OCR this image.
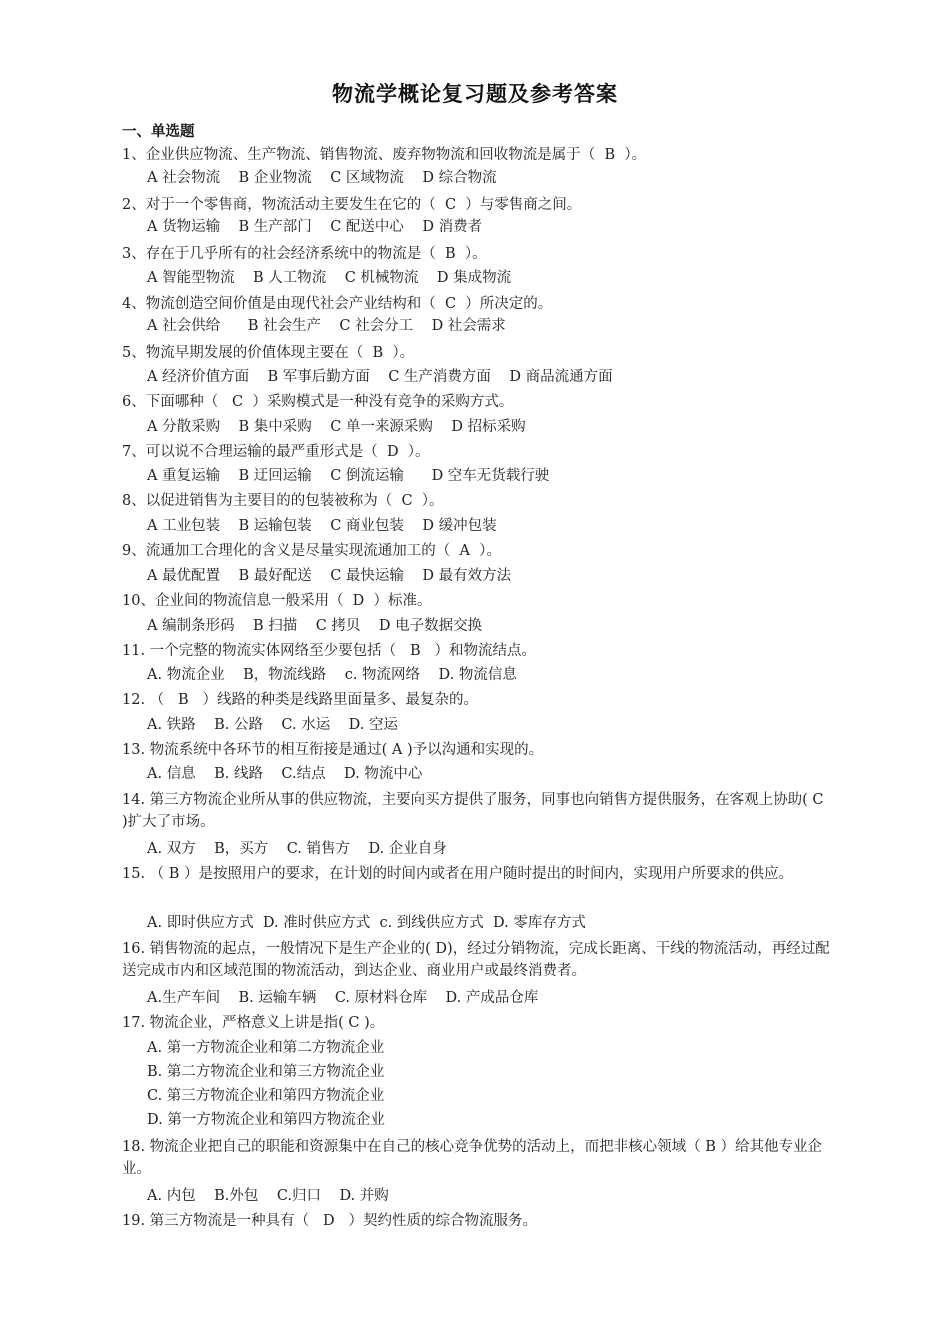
物流学概论复习题及参考答案
一、单选题
1、企业供应物流、生产物流、销售物流、废弃物物流和回收物流是属于（  B  ）。
A 社会物流    B 企业物流    C 区域物流    D 综合物流
2、对于一个零售商，物流活动主要发生在它的（  C  ）与零售商之间。
A 货物运输    B 生产部门    C 配送中心    D 消费者
3、存在于几乎所有的社会经济系统中的物流是（  B  ）。
A 智能型物流    B 人工物流    C 机械物流    D 集成物流
4、物流创造空间价值是由现代社会产业结构和（  C  ）所决定的。
A 社会供给      B 社会生产    C 社会分工    D 社会需求
5、物流早期发展的价值体现主要在（  B  ）。
A 经济价值方面    B 军事后勤方面    C 生产消费方面    D 商品流通方面
6、下面哪种（   C  ）采购模式是一种没有竞争的采购方式。
A 分散采购    B 集中采购    C 单一来源采购    D 招标采购
7、可以说不合理运输的最严重形式是（  D  ）。
A 重复运输    B 迂回运输    C 倒流运输      D 空车无货载行驶
8、以促进销售为主要目的的包装被称为（  C  ）。
A 工业包装    B 运输包装    C 商业包装    D 缓冲包装
9、流通加工合理化的含义是尽量实现流通加工的（  A  ）。
A 最优配置    B 最好配送    C 最快运输    D 最有效方法
10、企业间的物流信息一般采用（  D  ）标准。
A 编制条形码    B 扫描    C 拷贝    D 电子数据交换
11. 一个完整的物流实体网络至少要包括（   B   ）和物流结点。
A. 物流企业    B，物流线路    c. 物流网络    D. 物流信息
12. （   B   ）线路的种类是线路里面量多、最复杂的。
A. 铁路    B. 公路    C. 水运    D. 空运
13. 物流系统中各环节的相互衔接是通过( A )予以沟通和实现的。
A. 信息    B. 线路    C.结点    D. 物流中心
14. 第三方物流企业所从事的供应物流，主要向买方提供了服务，同事也向销售方提供服务，在客观上协助( C )扩大了市场。
A. 双方    B，买方    C. 销售方    D. 企业自身
15. （ B ）是按照用户的要求，在计划的时间内或者在用户随时提出的时间内，实现用户所要求的供应。
A. 即时供应方式  D. 准时供应方式  c. 到线供应方式  D. 零库存方式
16. 销售物流的起点，一般情况下是生产企业的( D)，经过分销物流，完成长距离、干线的物流活动，再经过配送完成市内和区域范围的物流活动，到达企业、商业用户或最终消费者。
A.生产车间    B. 运输车辆    C. 原材料仓库    D. 产成品仓库
17. 物流企业，严格意义上讲是指( C )。
A. 第一方物流企业和第二方物流企业
B. 第二方物流企业和第三方物流企业
C. 第三方物流企业和第四方物流企业
D. 第一方物流企业和第四方物流企业
18. 物流企业把自己的职能和资源集中在自己的核心竞争优势的活动上，而把非核心领域（ B ）给其他专业企业。
A. 内包    B.外包    C.归口    D. 并购
19. 第三方物流是一种具有（   D   ）契约性质的综合物流服务。
